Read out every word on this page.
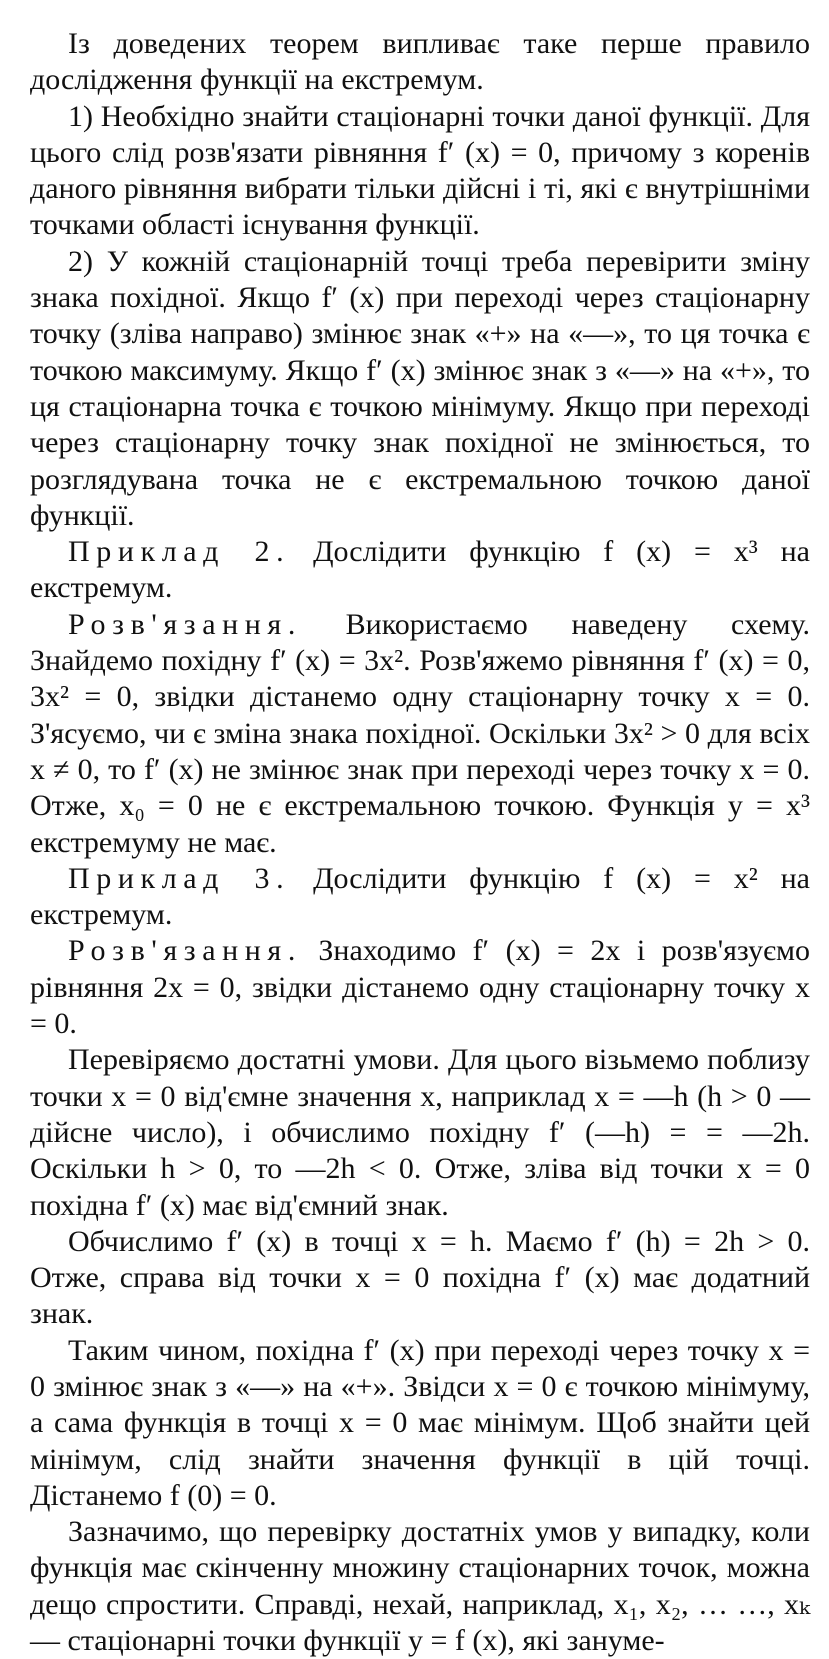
Із доведених теорем випливає таке перше правило дослідження функції на екстремум.

1) Необхідно знайти стаціонарні точки даної функції. Для цього слід розв'язати рівняння f′ (x) = 0, причому з коренів даного рівняння вибрати тільки дійсні і ті, які є внутрішніми точками області існування функції.

2) У кожній стаціонарній точці треба перевірити зміну знака похідної. Якщо f′ (x) при переході через стаціонарну точку (зліва направо) змінює знак «+» на «—», то ця точка є точкою максимуму. Якщо f′ (x) змінює знак з «—» на «+», то ця стаціонарна точка є точкою мінімуму. Якщо при переході через стаціонарну точку знак похідної не змінюється, то розглядувана точка не є екстремальною точкою даної функції.

Приклад 2. Дослідити функцію f (x) = x³ на екстремум.

Розв'язання. Використаємо наведену схему. Знайдемо похідну f′ (x) = 3x². Розв'яжемо рівняння f′ (x) = 0, 3x² = 0, звідки дістанемо одну стаціонарну точку x = 0. З'ясуємо, чи є зміна знака похідної. Оскільки 3x² > 0 для всіх x ≠ 0, то f′ (x) не змінює знак при переході через точку x = 0. Отже, x₀ = 0 не є екстремальною точкою. Функція y = x³ екстремуму не має.

Приклад 3. Дослідити функцію f (x) = x² на екстремум.

Розв'язання. Знаходимо f′ (x) = 2x і розв'язуємо рівняння 2x = 0, звідки дістанемо одну стаціонарну точку x = 0.

Перевіряємо достатні умови. Для цього візьмемо поблизу точки x = 0 від'ємне значення x, наприклад x = —h (h > 0 — дійсне число), і обчислимо похідну f′ (—h) = = —2h. Оскільки h > 0, то —2h < 0. Отже, зліва від точки x = 0 похідна f′ (x) має від'ємний знак.

Обчислимо f′ (x) в точці x = h. Маємо f′ (h) = 2h > 0. Отже, справа від точки x = 0 похідна f′ (x) має додатний знак.

Таким чином, похідна f′ (x) при переході через точку x = 0 змінює знак з «—» на «+». Звідси x = 0 є точкою мінімуму, а сама функція в точці x = 0 має мінімум. Щоб знайти цей мінімум, слід знайти значення функції в цій точці. Дістанемо f (0) = 0.

Зазначимо, що перевірку достатніх умов у випадку, коли функція має скінченну множину стаціонарних точок, можна дещо спростити. Справді, нехай, наприклад, x₁, x₂, … …, xₖ — стаціонарні точки функції y = f (x), які зануме-
